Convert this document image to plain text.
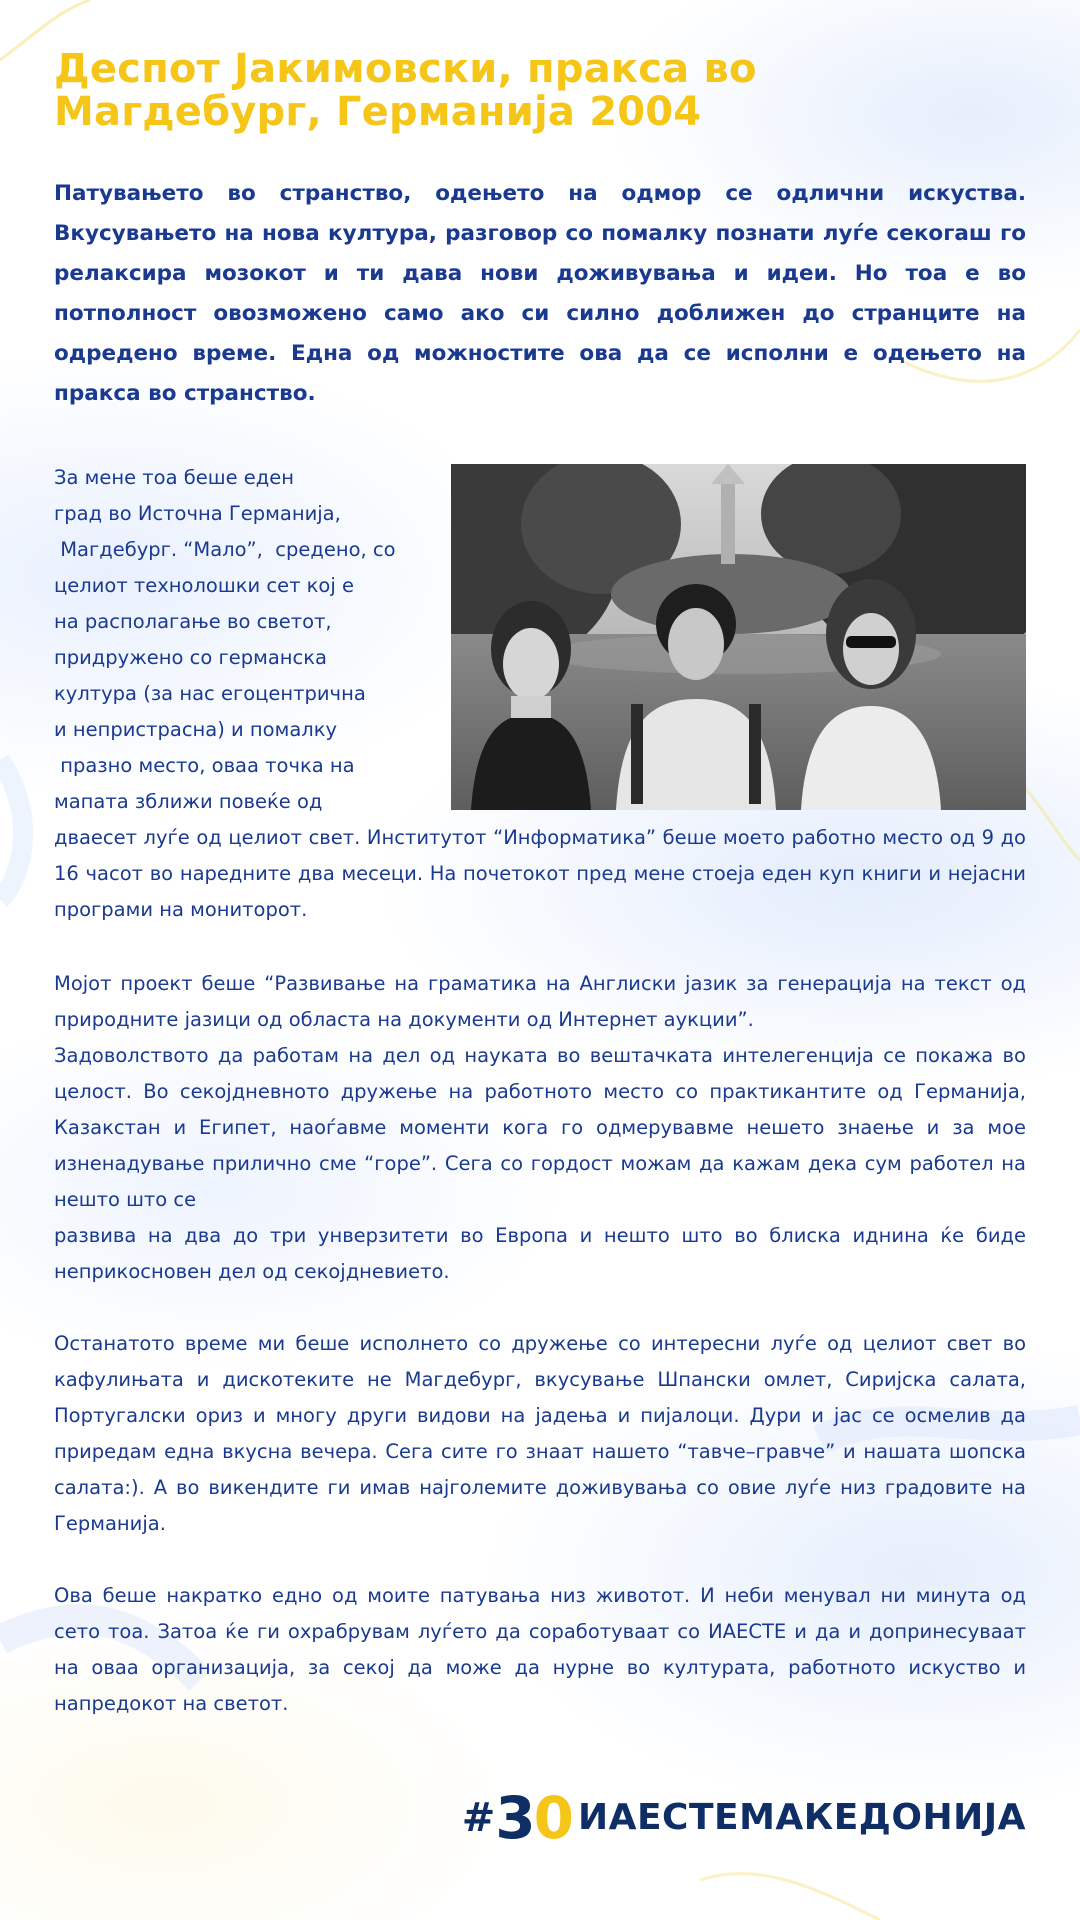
Деспот Јакимовски, пракса во
Магдебург, Германија 2004

Патувањето во странство, одењето на одмор се одлични искуства. Вкусувањето на нова култура, разговор со помалку познати луѓе секогаш го релаксира мозокот и ти дава нови доживувања и идеи. Но тоа е во потполност овозможено само ако си силно доближен до странците на одредено време. Една од можностите ова да се исполни е одењето на пракса во странство.

За мене тоа беше еден
град во Источна Германија,
Магдебург. “Мало”,  средено, со
целиот технолошки сет кој е
на располагање во светот,
придружено со германска
култура (за нас егоцентрична
и непристрасна) и помалку
празно место, оваа точка на
мапата зближи повеќе од

дваесет луѓе од целиот свет. Институтот “Информатика” беше моето работно место од 9 до 16 часот во наредните два месеци. На почетокот пред мене стоеја еден куп книги и нејасни програми на мониторот.

Мојот проект беше “Развивање на граматика на Англиски јазик за генерација на текст од природните јазици од областа на документи од Интернет аукции”.
Задоволството да работам на дел од науката во вештачката интелегенција се покажа во целост. Во секојдневното дружење на работното место со практикантите од Германија, Казакстан и Египет, наоѓавме моменти кога го одмерувавме нешето знаење и за мое изненадување прилично сме “горе”. Сега со гордост можам да кажам дека сум работел на нешто што се
развива на два до три унверзитети во Европа и нешто што во блиска иднина ќе биде неприкосновен дел од секојдневието.

Останатото време ми беше исполнето со дружење со интересни луѓе од целиот свет во кафулињата и дискотеките не Магдебург, вкусување Шпански омлет, Сириjска салата, Португалски ориз и многу други видови на јадења и пијалоци. Дури и јас се осмелив да приредам една вкусна вечера. Сега сите го знаат нашето “тавче–гравче” и нашата шопска салата:). А во викендите ги имав најголемите доживувања со овие луѓе низ градовите на Германија.

Ова беше накратко едно од моите патувања низ животот. И неби менувал ни минута од сето тоа. Затоа ќе ги охрабрувам луѓето да соработуваат со ИАЕСТЕ и да и допринесуваат на оваа организација, за секој да може да нурне во културата, работното искуство и напредокот на светот.

# 3 0 ИАЕСТЕМАКЕДОНИЈА
